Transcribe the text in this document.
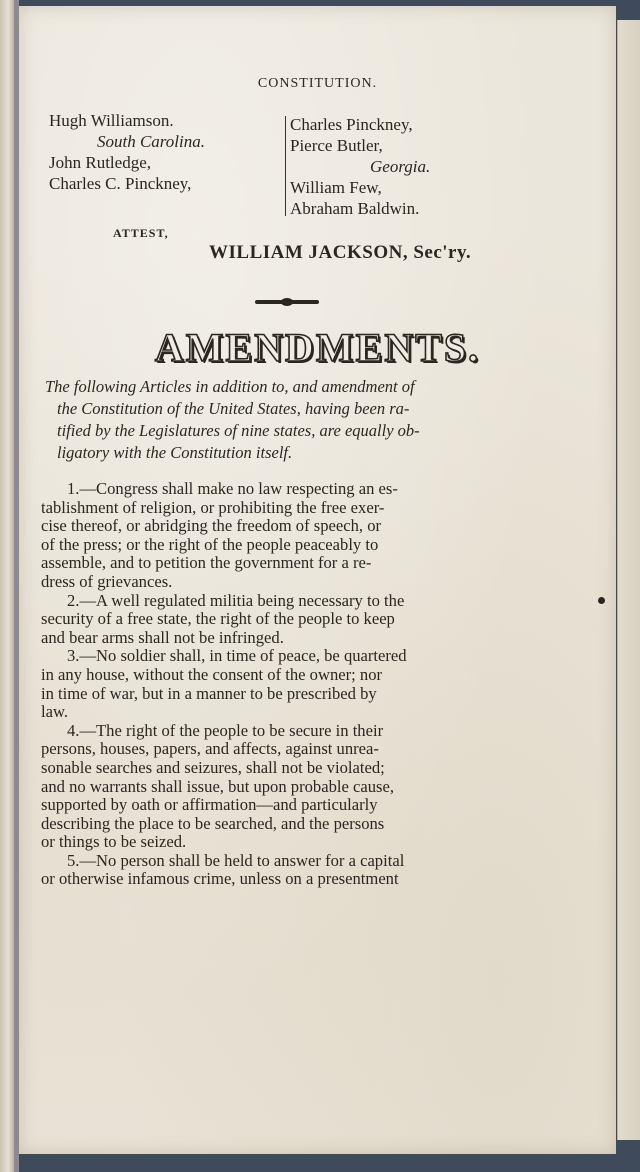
CONSTITUTION.
Hugh Williamson.
South Carolina.
John Rutledge,
Charles C. Pinckney,
Charles Pinckney,
Pierce Butler,
Georgia.
William Few,
Abraham Baldwin.
ATTEST,
WILLIAM JACKSON, Sec'ry.
AMENDMENTS.
The following Articles in addition to, and amendment of
the Constitution of the United States, having been ra-
tified by the Legislatures of nine states, are equally ob-
ligatory with the Constitution itself.
1.—Congress shall make no law respecting an es-
tablishment of religion, or prohibiting the free exer-
cise thereof, or abridging the freedom of speech, or
of the press; or the right of the people peaceably to
assemble, and to petition the government for a re-
dress of grievances.
2.—A well regulated militia being necessary to the
security of a free state, the right of the people to keep
and bear arms shall not be infringed.
3.—No soldier shall, in time of peace, be quartered
in any house, without the consent of the owner; nor
in time of war, but in a manner to be prescribed by
law.
4.—The right of the people to be secure in their
persons, houses, papers, and affects, against unrea-
sonable searches and seizures, shall not be violated;
and no warrants shall issue, but upon probable cause,
supported by oath or affirmation—and particularly
describing the place to be searched, and the persons
or things to be seized.
5.—No person shall be held to answer for a capital
or otherwise infamous crime, unless on a presentment
